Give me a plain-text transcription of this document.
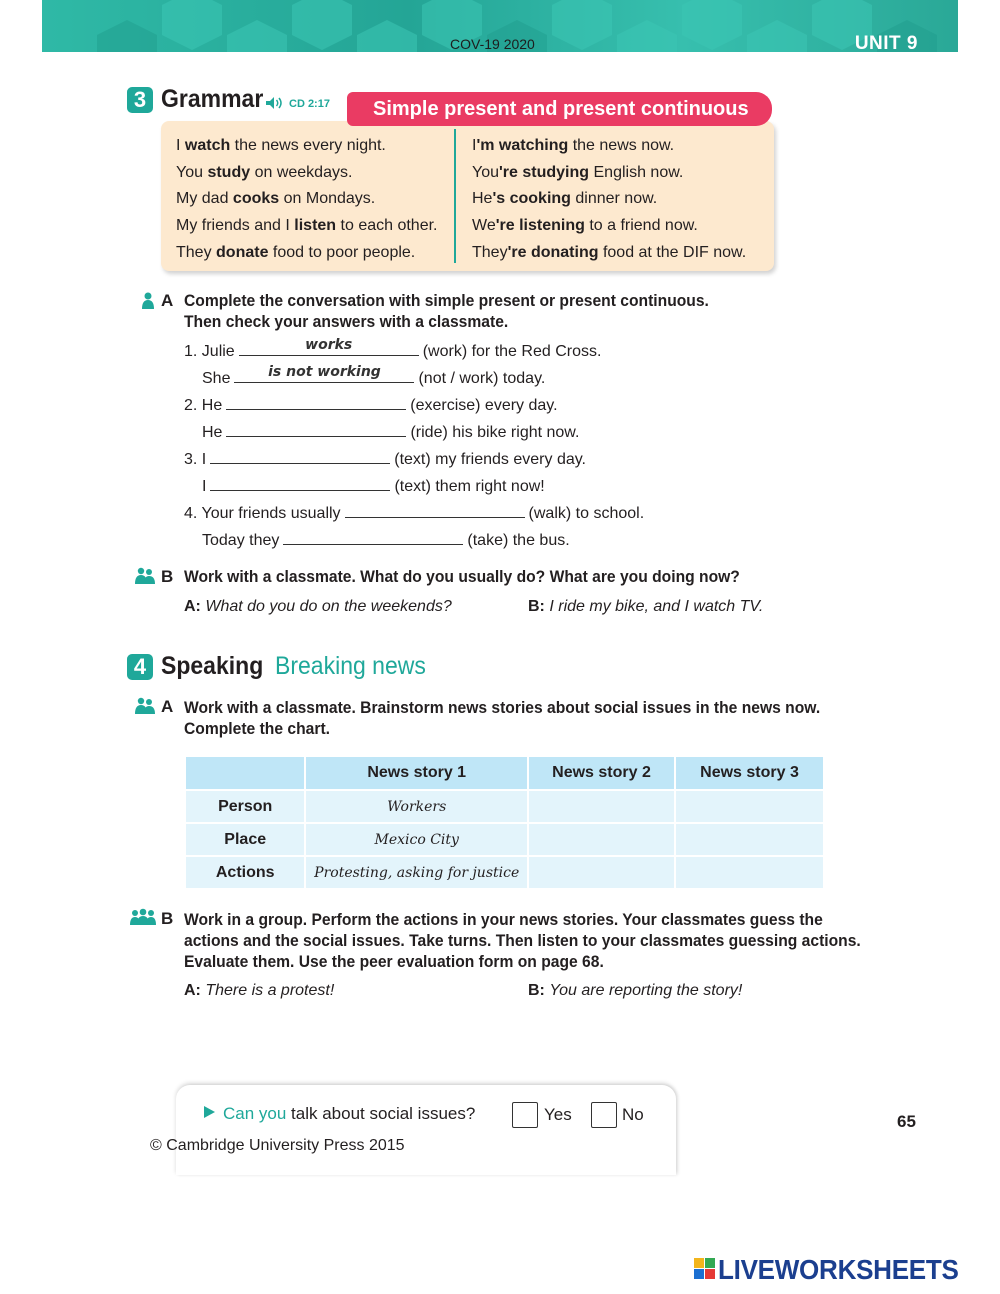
COV-19 2020	UNIT 9
3 Grammar CD 2:17	Simple present and present continuous
I watch the news every night.
You study on weekdays.
My dad cooks on Mondays.
My friends and I listen to each other.
They donate food to poor people.
I'm watching the news now.
You're studying English now.
He's cooking dinner now.
We're listening to a friend now.
They're donating food at the DIF now.
A Complete the conversation with simple present or present continuous.
Then check your answers with a classmate.
1. Julie	works	(work) for the Red Cross.
She	is not working	(not / work) today.
2. He	(exercise) every day.
He	(ride) his bike right now.
3. I	(text) my friends every day.
I	(text) them right now!
4. Your friends usually	(walk) to school.
Today they	(take) the bus.
B Work with a classmate. What do you usually do? What are you doing now?
A: What do you do on the weekends?	B: I ride my bike, and I watch TV.
4 Speaking Breaking news
A Work with a classmate. Brainstorm news stories about social issues in the news now.
Complete the chart.
	News story 1	News story 2	News story 3
Person	Workers		
Place	Mexico City		
Actions	Protesting, asking for justice		
B Work in a group. Perform the actions in your news stories. Your classmates guess the
actions and the social issues. Take turns. Then listen to your classmates guessing actions.
Evaluate them. Use the peer evaluation form on page 68.
A: There is a protest!	B: You are reporting the story!
Can you talk about social issues?	Yes	No
© Cambridge University Press 2015
65
LIVEWORKSHEETS
